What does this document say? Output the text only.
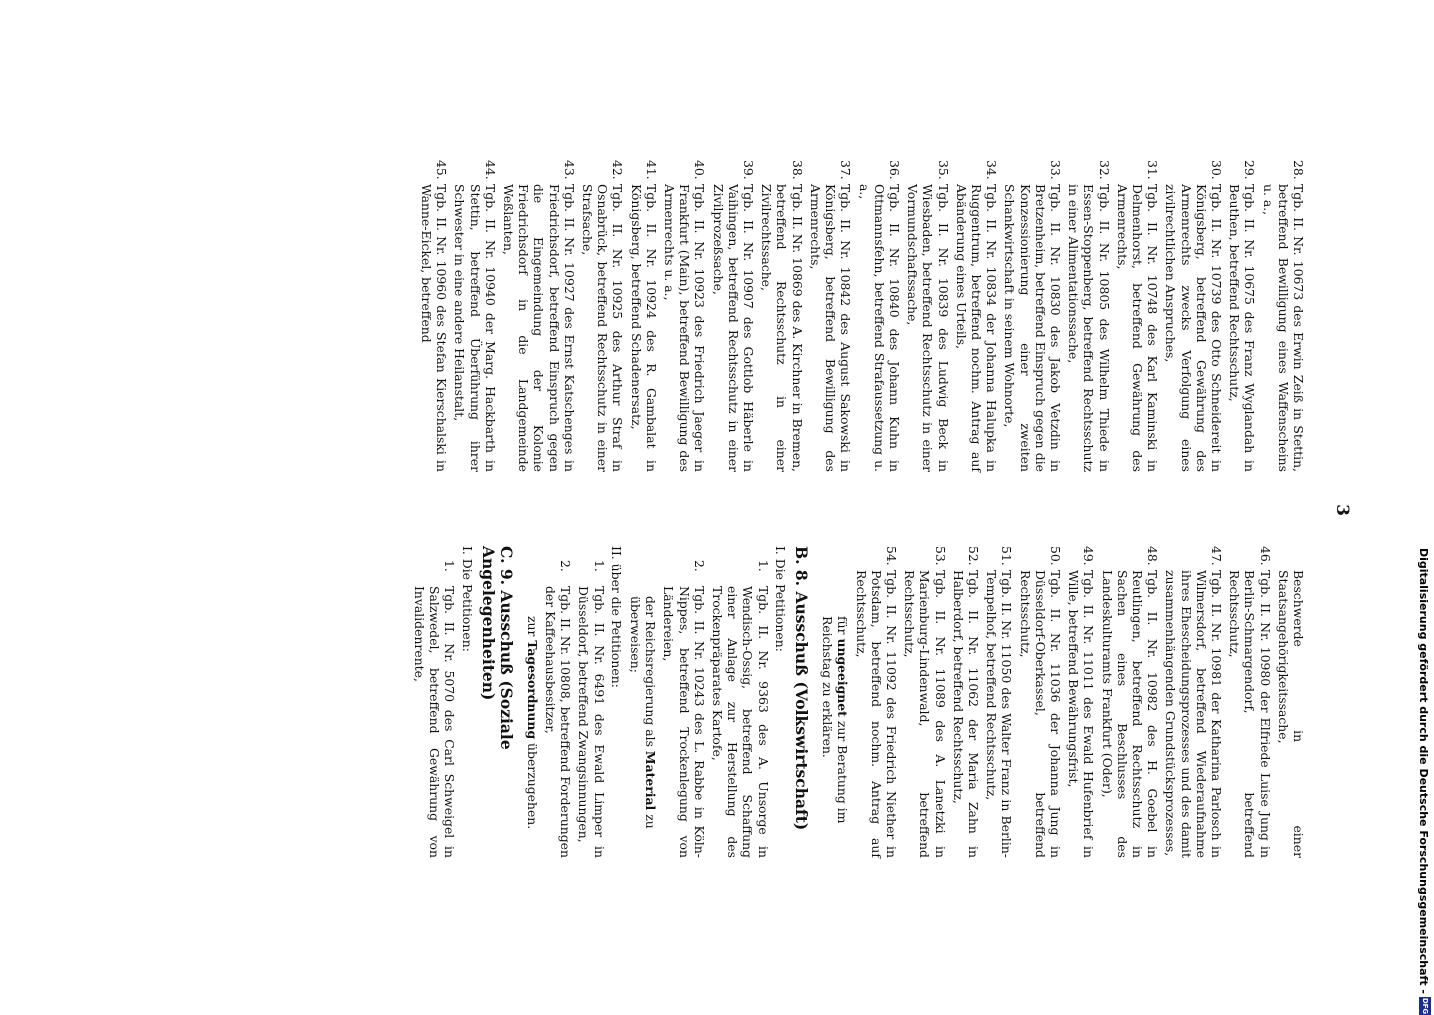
3
28.
Tgb. II. Nr. 10673 des Erwin Zeiß in Stettin, betreffend Bewilligung eines Waffenscheins u. a.,
29.
Tgb. II. Nr. 10675 des Franz Wyglandah in Beuthen, betreffend Rechtsschutz,
30.
Tgb. II. Nr. 10739 des Otto Schneidereit in Königsberg, betreffend Gewährung des Armenrechts zwecks Verfolgung eines zivilrechtlichen Anspruches,
31.
Tgb. II. Nr. 10748 des Karl Kaminski in Delmenhorst, betreffend Gewährung des Armenrechts,
32.
Tgb. II. Nr. 10805 des Wilhelm Thiede in Essen-Stoppenberg, betreffend Rechtsschutz in einer Alimentationssache,
33.
Tgb. II. Nr. 10830 des Jakob Vetzdin in Bretzenheim, betreffend Einspruch gegen die Konzessionierung einer zweiten Schankwirtschaft in seinem Wohnorte,
34.
Tgb. II. Nr. 10834 der Johanna Halupka in Ruggentrum, betreffend nochm. Antrag auf Abänderung eines Urteils,
35.
Tgb. II. Nr. 10839 des Ludwig Beck in Wiesbaden, betreffend Rechtsschutz in einer Vormundschaftssache,
36.
Tgb. II. Nr. 10840 des Johann Kuhn in Ottmannsfehn, betreffend Strafaussetzung u. a.,
37.
Tgb. II. Nr. 10842 des August Sakowski in Königsberg, betreffend Bewilligung des Armenrechts,
38.
Tgb. II. Nr. 10869 des A. Kirchner in Bremen, betreffend Rechtsschutz in einer Zivilrechtssache,
39.
Tgb. II. Nr. 10907 des Gottlob Häberle in Vaihingen, betreffend Rechtsschutz in einer Zivilprozeßsache,
40.
Tgb. II. Nr. 10923 des Friedrich Jaeger in Frankfurt (Main), betreffend Bewilligung des Armenrechts u. a.,
41.
Tgb. II. Nr. 10924 des R. Gambalat in Königsberg, betreffend Schadenersatz,
42.
Tgb. II. Nr. 10925 des Arthur Straf in Osnabrück, betreffend Rechtsschutz in einer Strafsache,
43.
Tgb. II. Nr. 10927 des Ernst Katschenges in Friedrichsdorf, betreffend Einspruch gegen die Eingemeindung der Kolonie Friedrichsdorf in die Landgemeinde Weßlanten,
44.
Tgb. II. Nr. 10940 der Marg. Hackbarth in Stettin, betreffend Überführung ihrer Schwester in eine andere Heilanstalt,
45.
Tgb. II. Nr. 10960 des Stefan Kierschalski in Wanne-Eickel, betreffend
Beschwerde in einer Staatsangehörigkeitssache,
46.
Tgb. II. Nr. 10980 der Elfriede Luise Jung in Berlin-Schmargendorf, betreffend Rechtsschutz,
47.
Tgb. II. Nr. 10981 der Katharina Parlosch in Wilmersdorf, betreffend Wiederaufnahme ihres Ehescheidungsprozesses und des damit zusammenhängenden Grundstücksprozesses,
48.
Tgb. II. Nr. 10982 des H. Goebel in Reutlingen, betreffend Rechtsschutz in Sachen eines Beschlusses des Landeskulturamts Frankfurt (Oder),
49.
Tgb. II. Nr. 11011 des Ewald Hufenbrief in Wille, betreffend Bewährungsfrist,
50.
Tgb. II. Nr. 11036 der Johanna Jung in Düsseldorf-Oberkassel, betreffend Rechtsschutz,
51.
Tgb. II. Nr. 11050 des Walter Franz in Berlin-Tempelhof, betreffend Rechtsschutz,
52.
Tgb. II. Nr. 11062 der Maria Zahn in Halberdorf, betreffend Rechtsschutz,
53.
Tgb. II. Nr. 11089 des A. Lanetzki in Marienburg-Lindenwald, betreffend Rechtsschutz,
54.
Tgb. II. Nr. 11092 des Friedrich Niether in Potsdam, betreffend nochm. Antrag auf Rechtsschutz,
für ungeeignet zur Beratung im Reichstag zu erklären.
B. 8. Ausschuß (Volkswirtschaft)
I. Die Petitionen:
1.
Tgb. II. Nr. 9363 des A. Unsorge in Wendisch-Ossig, betreffend Schaffung einer Anlage zur Herstellung des Trockenpräparates Kartofe,
2.
Tgb. II. Nr. 10243 des L. Rabbe in Köln-Nippes, betreffend Trockenlegung von Ländereien,
der Reichsregierung als Material zu überweisen;
II. über die Petitionen:
1.
Tgb. II. Nr. 6491 des Ewald Limper in Düsseldorf, betreffend Zwangsinnungen,
2.
Tgb. II. Nr. 10808, betreffend Forderungen der Kaffeehausbesitzer,
zur Tagesordnung überzugehen.
C. 9. Ausschuß (Soziale Angelegenheiten)
I. Die Petitionen:
1.
Tgb. II. Nr. 5070 des Carl Schweigel in Salzwedel, betreffend Gewährung von Invalidenrente,	Digitalisierung gefördert durch die Deutsche Forschungsgemeinschaft -
DFG
